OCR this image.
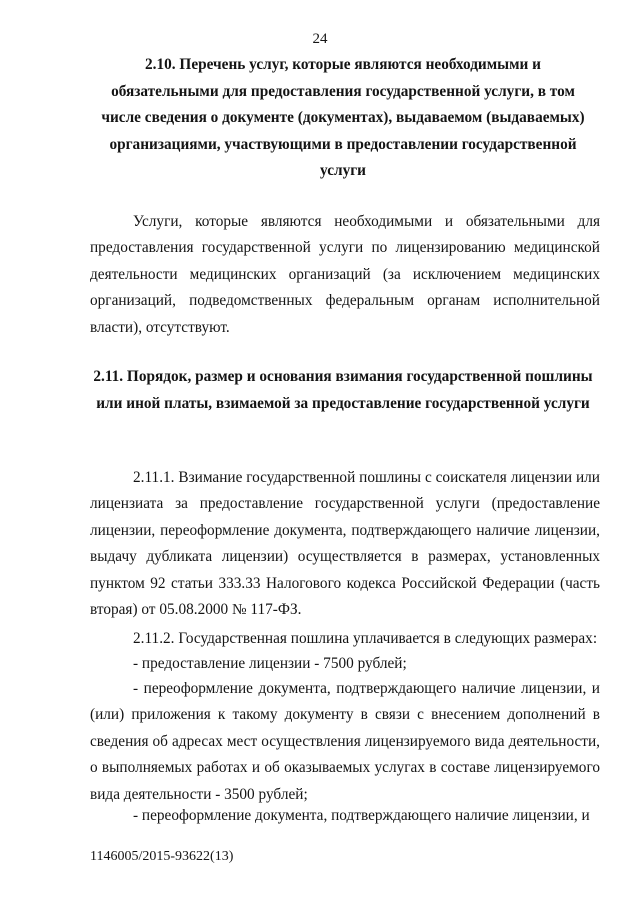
24
2.10. Перечень услуг, которые являются необходимыми и обязательными для предоставления государственной услуги, в том числе сведения о документе (документах), выдаваемом (выдаваемых) организациями, участвующими в предоставлении государственной услуги

Услуги, которые являются необходимыми и обязательными для предоставления государственной услуги по лицензированию медицинской деятельности медицинских организаций (за исключением медицинских организаций, подведомственных федеральным органам исполнительной власти), отсутствуют.

2.11. Порядок, размер и основания взимания государственной пошлины или иной платы, взимаемой за предоставление государственной услуги

2.11.1. Взимание государственной пошлины с соискателя лицензии или лицензиата за предоставление государственной услуги (предоставление лицензии, переоформление документа, подтверждающего наличие лицензии, выдачу дубликата лицензии) осуществляется в размерах, установленных пунктом 92 статьи 333.33 Налогового кодекса Российской Федерации (часть вторая) от 05.08.2000 № 117-ФЗ.

2.11.2. Государственная пошлина уплачивается в следующих размерах:

- предоставление лицензии - 7500 рублей;

- переоформление документа, подтверждающего наличие лицензии, и (или) приложения к такому документу в связи с внесением дополнений в сведения об адресах мест осуществления лицензируемого вида деятельности, о выполняемых работах и об оказываемых услугах в составе лицензируемого вида деятельности - 3500 рублей;

- переоформление документа, подтверждающего наличие лицензии, и

1146005/2015-93622(13)
